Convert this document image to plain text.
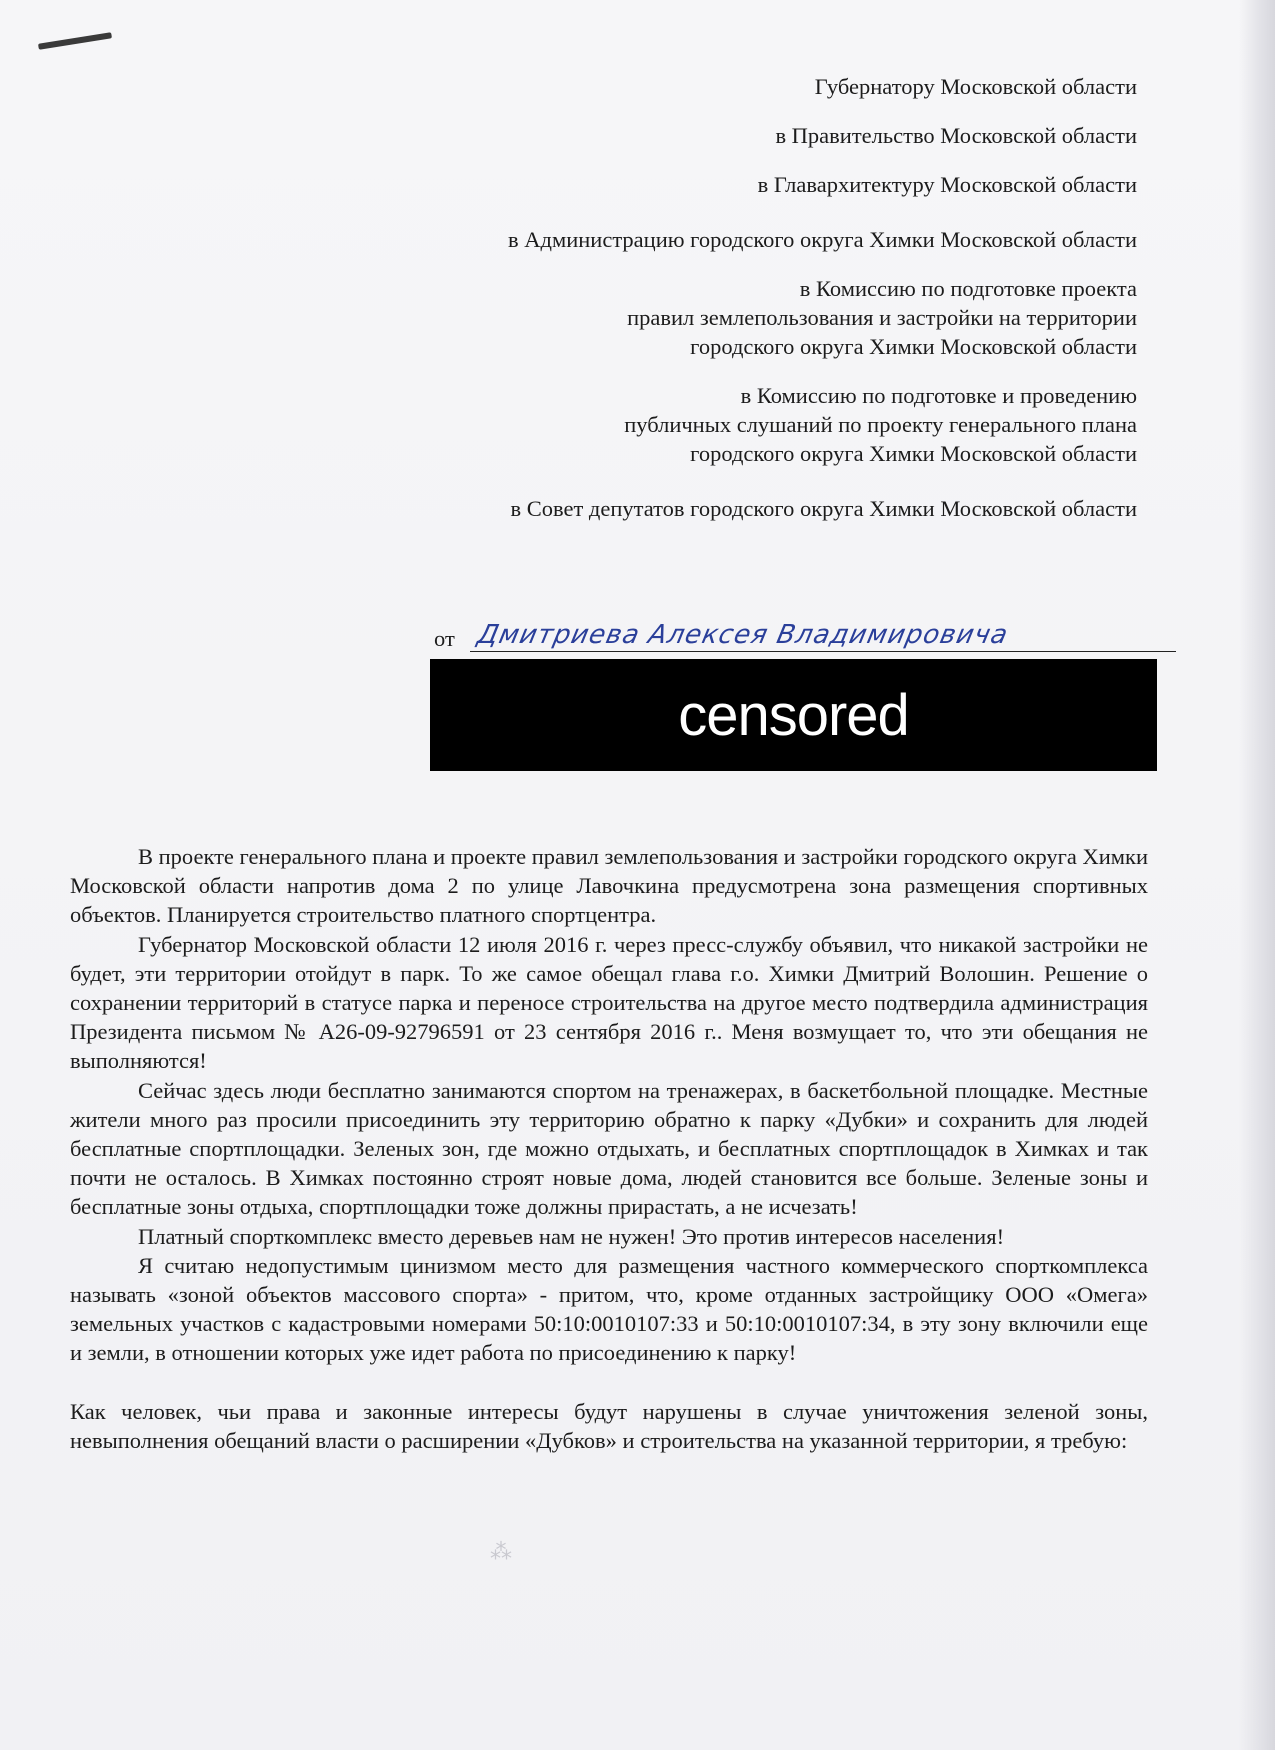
Губернатору Московской области
в Правительство Московской области
в Главархитектуру Московской области
в Администрацию городского округа Химки Московской области
в Комиссию по подготовке проекта
правил землепользования и застройки на территории
городского округа Химки Московской области
в Комиссию по подготовке и проведению
публичных слушаний по проекту генерального плана
городского округа Химки Московской области
в Совет депутатов городского округа Химки Московской области
от Дмитриева Алексея Владимировича
censored

В проекте генерального плана и проекте правил землепользования и застройки городского округа Химки Московской области напротив дома 2 по улице Лавочкина предусмотрена зона размещения спортивных объектов. Планируется строительство платного спортцентра.

Губернатор Московской области 12 июля 2016 г. через пресс-службу объявил, что никакой застройки не будет, эти территории отойдут в парк. То же самое обещал глава г.о. Химки Дмитрий Волошин. Решение о сохранении территорий в статусе парка и переносе строительства на другое место подтвердила администрация Президента письмом № А26-09-92796591 от 23 сентября 2016 г.. Меня возмущает то, что эти обещания не выполняются!

Сейчас здесь люди бесплатно занимаются спортом на тренажерах, в баскетбольной площадке. Местные жители много раз просили присоединить эту территорию обратно к парку «Дубки» и сохранить для людей бесплатные спортплощадки. Зеленых зон, где можно отдыхать, и бесплатных спортплощадок в Химках и так почти не осталось. В Химках постоянно строят новые дома, людей становится все больше. Зеленые зоны и бесплатные зоны отдыха, спортплощадки тоже должны прирастать, а не исчезать!

Платный спорткомплекс вместо деревьев нам не нужен! Это против интересов населения!

Я считаю недопустимым цинизмом место для размещения частного коммерческого спорткомплекса называть «зоной объектов массового спорта» - притом, что, кроме отданных застройщику ООО «Омега» земельных участков с кадастровыми номерами 50:10:0010107:33 и 50:10:0010107:34, в эту зону включили еще и земли, в отношении которых уже идет работа по присоединению к парку!

Как человек, чьи права и законные интересы будут нарушены в случае уничтожения зеленой зоны, невыполнения обещаний власти о расширении «Дубков» и строительства на указанной территории, я требую:

⁂
